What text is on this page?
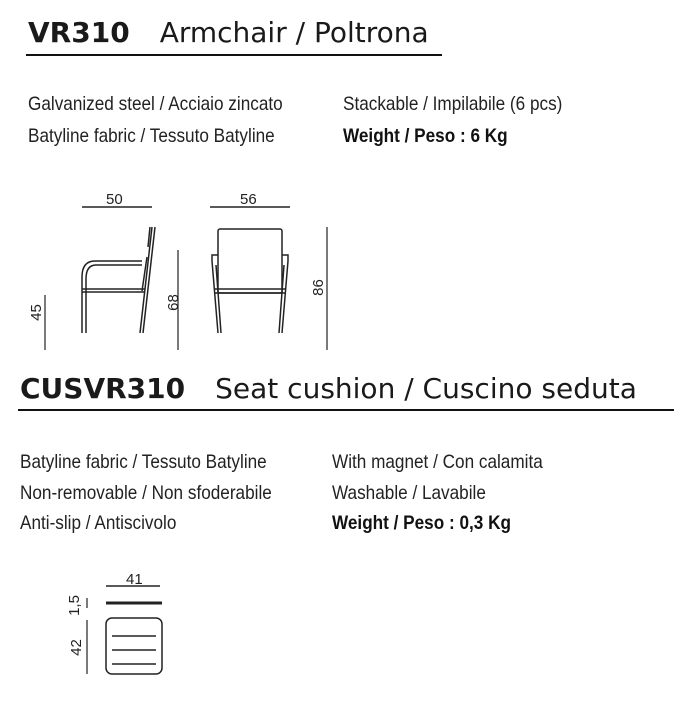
VR310 Armchair / Poltrona
Galvanized steel / Acciaio zincato
Batyline fabric / Tessuto Batyline
Stackable / Impilabile (6 pcs)
Weight / Peso : 6 Kg
50
45
68
56
86
CUSVR310 Seat cushion / Cuscino seduta
Batyline fabric / Tessuto Batyline
Non-removable / Non sfoderabile
Anti-slip / Antiscivolo
With magnet / Con calamita
Washable / Lavabile
Weight / Peso : 0,3 Kg
41
1,5
42
